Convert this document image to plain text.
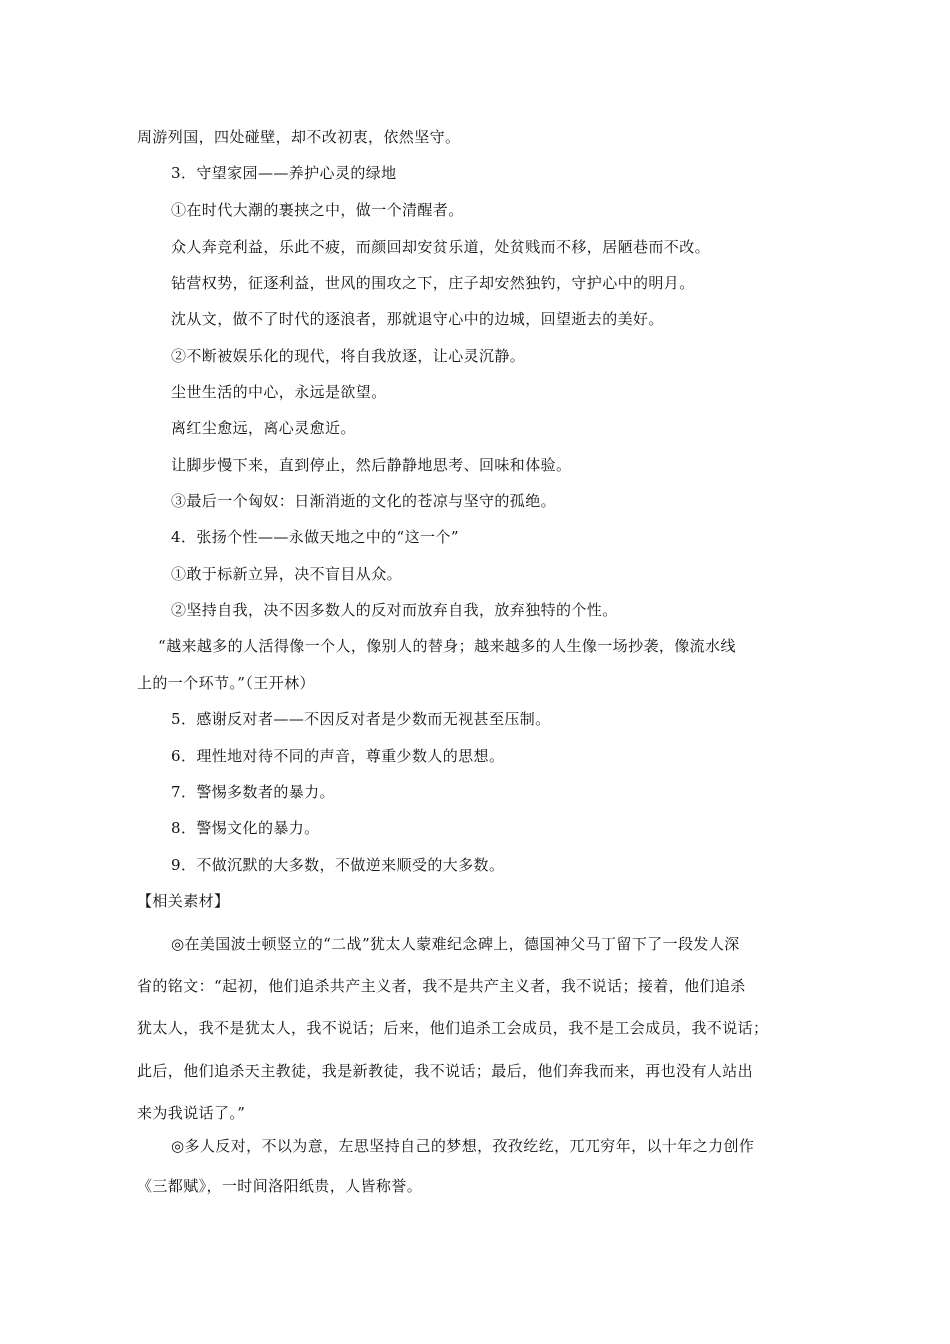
周游列国，四处碰壁，却不改初衷，依然坚守。
3．守望家园——养护心灵的绿地
①在时代大潮的裹挟之中，做一个清醒者。
众人奔竞利益，乐此不疲，而颜回却安贫乐道，处贫贱而不移，居陋巷而不改。
钻营权势，征逐利益，世风的围攻之下，庄子却安然独钓，守护心中的明月。
沈从文，做不了时代的逐浪者，那就退守心中的边城，回望逝去的美好。
②不断被娱乐化的现代，将自我放逐，让心灵沉静。
尘世生活的中心，永远是欲望。
离红尘愈远，离心灵愈近。
让脚步慢下来，直到停止，然后静静地思考、回味和体验。
③最后一个匈奴：日渐消逝的文化的苍凉与坚守的孤绝。
4．张扬个性——永做天地之中的“这一个”
①敢于标新立异，决不盲目从众。
②坚持自我，决不因多数人的反对而放弃自我，放弃独特的个性。
“越来越多的人活得像一个人，像别人的替身；越来越多的人生像一场抄袭，像流水线
上的一个环节。”（王开林）
5．感谢反对者——不因反对者是少数而无视甚至压制。
6．理性地对待不同的声音，尊重少数人的思想。
7．警惕多数者的暴力。
8．警惕文化的暴力。
9．不做沉默的大多数，不做逆来顺受的大多数。
【相关素材】
◎在美国波士顿竖立的“二战”犹太人蒙难纪念碑上，德国神父马丁留下了一段发人深
省的铭文：“起初，他们追杀共产主义者，我不是共产主义者，我不说话；接着，他们追杀
犹太人，我不是犹太人，我不说话；后来，他们追杀工会成员，我不是工会成员，我不说话；
此后，他们追杀天主教徒，我是新教徒，我不说话；最后，他们奔我而来，再也没有人站出
来为我说话了。”
◎多人反对，不以为意，左思坚持自己的梦想，孜孜纥纥，兀兀穷年，以十年之力创作
《三都赋》，一时间洛阳纸贵，人皆称誉。
